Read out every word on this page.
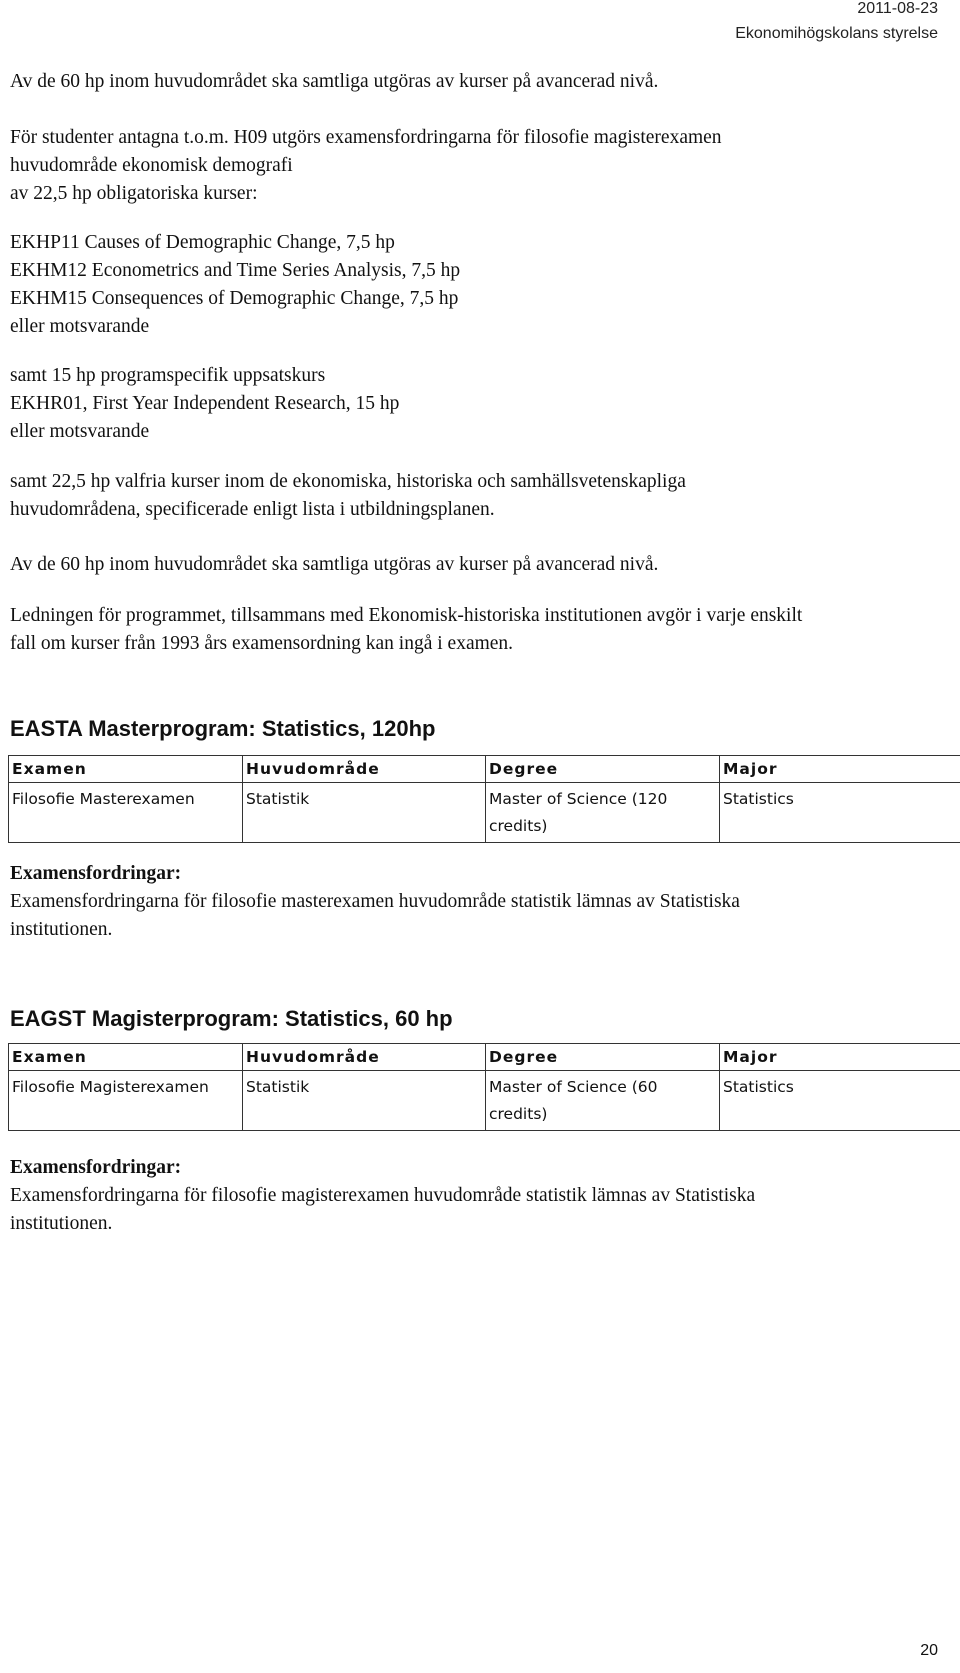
2011-08-23
Ekonomihögskolans styrelse
Av de 60 hp inom huvudområdet ska samtliga utgöras av kurser på avancerad nivå.
För studenter antagna t.o.m. H09 utgörs examensfordringarna för filosofie magisterexamen
huvudområde ekonomisk demografi
av 22,5 hp obligatoriska kurser:
EKHP11 Causes of Demographic Change, 7,5 hp
EKHM12 Econometrics and Time Series Analysis, 7,5 hp
EKHM15 Consequences of Demographic Change, 7,5 hp
eller motsvarande
samt 15 hp programspecifik uppsatskurs
EKHR01, First Year Independent Research, 15 hp
eller motsvarande
samt 22,5 hp valfria kurser inom de ekonomiska, historiska och samhällsvetenskapliga
huvudområdena, specificerade enligt lista i utbildningsplanen.
Av de 60 hp inom huvudområdet ska samtliga utgöras av kurser på avancerad nivå.
Ledningen för programmet, tillsammans med Ekonomisk-historiska institutionen avgör i varje enskilt
fall om kurser från 1993 års examensordning kan ingå i examen.
EASTA Masterprogram: Statistics, 120hp
Examen	Huvudområde	Degree	Major
Filosofie Masterexamen	Statistik	Master of Science (120 credits)	Statistics
Examensfordringar:
Examensfordringarna för filosofie masterexamen huvudområde statistik lämnas av Statistiska
institutionen.
EAGST Magisterprogram: Statistics, 60 hp
Examen	Huvudområde	Degree	Major
Filosofie Magisterexamen	Statistik	Master of Science (60 credits)	Statistics
Examensfordringar:
Examensfordringarna för filosofie magisterexamen huvudområde statistik lämnas av Statistiska
institutionen.
20
